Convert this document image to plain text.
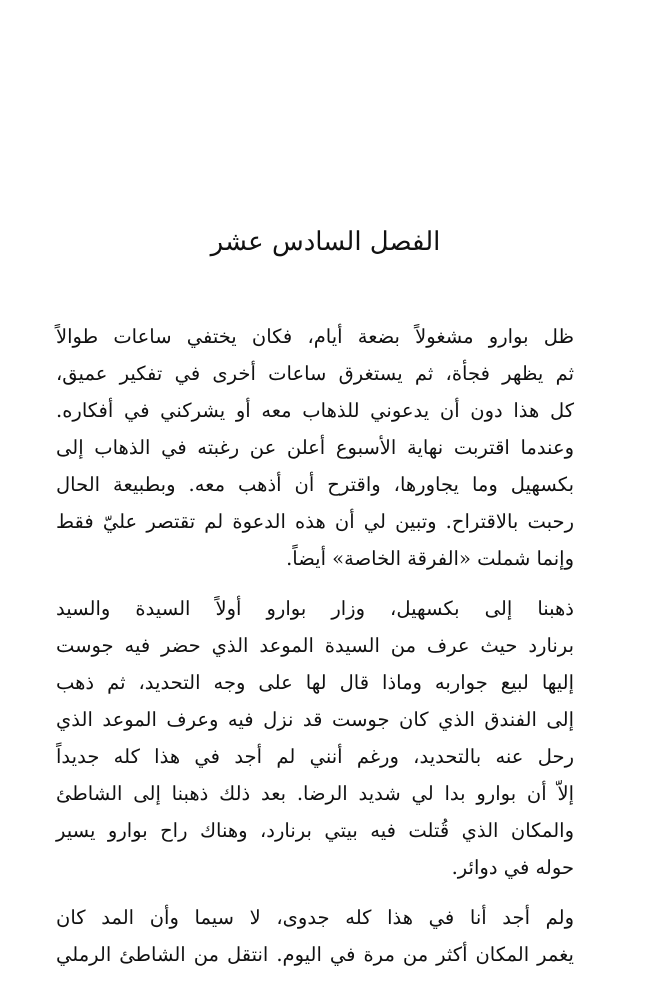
الفصل السادس عشر

ظل بوارو مشغولاً بضعة أيام، فكان يختفي ساعات طوالاً
ثم يظهر فجأة، ثم يستغرق ساعات أخرى في تفكير عميق،
كل هذا دون أن يدعوني للذهاب معه أو يشركني في أفكاره.
وعندما اقتربت نهاية الأسبوع أعلن عن رغبته في الذهاب إلى
بكسهيل وما يجاورها، واقترح أن أذهب معه. وبطبيعة الحال
رحبت بالاقتراح. وتبين لي أن هذه الدعوة لم تقتصر عليّ فقط
وإنما شملت «الفرقة الخاصة» أيضاً.

ذهبنا إلى بكسهيل، وزار بوارو أولاً السيدة والسيد
برنارد حيث عرف من السيدة الموعد الذي حضر فيه جوست
إليها لبيع جواربه وماذا قال لها على وجه التحديد، ثم ذهب
إلى الفندق الذي كان جوست قد نزل فيه وعرف الموعد الذي
رحل عنه بالتحديد، ورغم أنني لم أجد في هذا كله جديداً
إلاّ أن بوارو بدا لي شديد الرضا. بعد ذلك ذهبنا إلى الشاطئ
والمكان الذي قُتلت فيه بيتي برنارد، وهناك راح بوارو يسير
حوله في دوائر.

ولم أجد أنا في هذا كله جدوى، لا سيما وأن المد كان
يغمر المكان أكثر من مرة في اليوم. انتقل من الشاطئ الرملي
